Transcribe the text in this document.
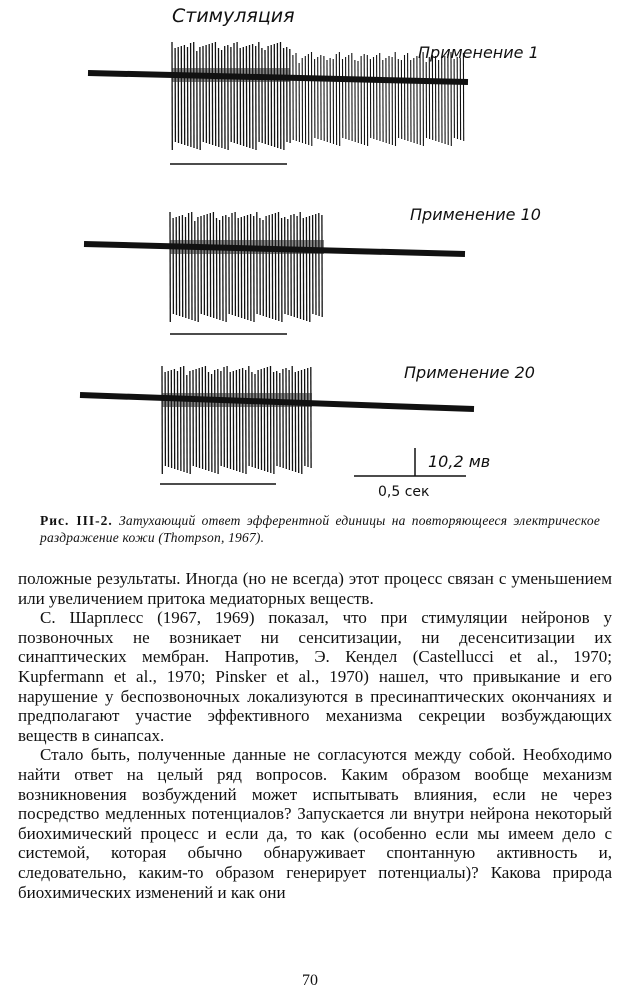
Стимуляция
Применение 1
Применение 10
Применение 20
10,2 мв
0,5 сек
Рис. III-2. Затухающий ответ эфферентной единицы на повторяющееся электрическое раздражение кожи (Thompson, 1967).

положные результаты. Иногда (но не всегда) этот процесс связан с уменьшением или увеличением притока медиаторных веществ.

С. Шарплесс (1967, 1969) показал, что при стимуляции нейронов у позвоночных не возникает ни сенситизации, ни десенситизации их синаптических мембран. Напротив, Э. Кендел (Castellucci et al., 1970; Kupfermann et al., 1970; Pinsker et al., 1970) нашел, что привыкание и его нарушение у беспозвоночных локализуются в пресинаптических окончаниях и предполагают участие эффективного механизма секреции возбуждающих веществ в синапсах.

Стало быть, полученные данные не согласуются между собой. Необходимо найти ответ на целый ряд вопросов. Каким образом вообще механизм возникновения возбуждений может испытывать влияния, если не через посредство медленных потенциалов? Запускается ли внутри нейрона некоторый биохимический процесс и если да, то как (особенно если мы имеем дело с системой, которая обычно обнаруживает спонтанную активность и, следовательно, каким-то образом генерирует потенциалы)? Какова природа биохимических изменений и как они

70
